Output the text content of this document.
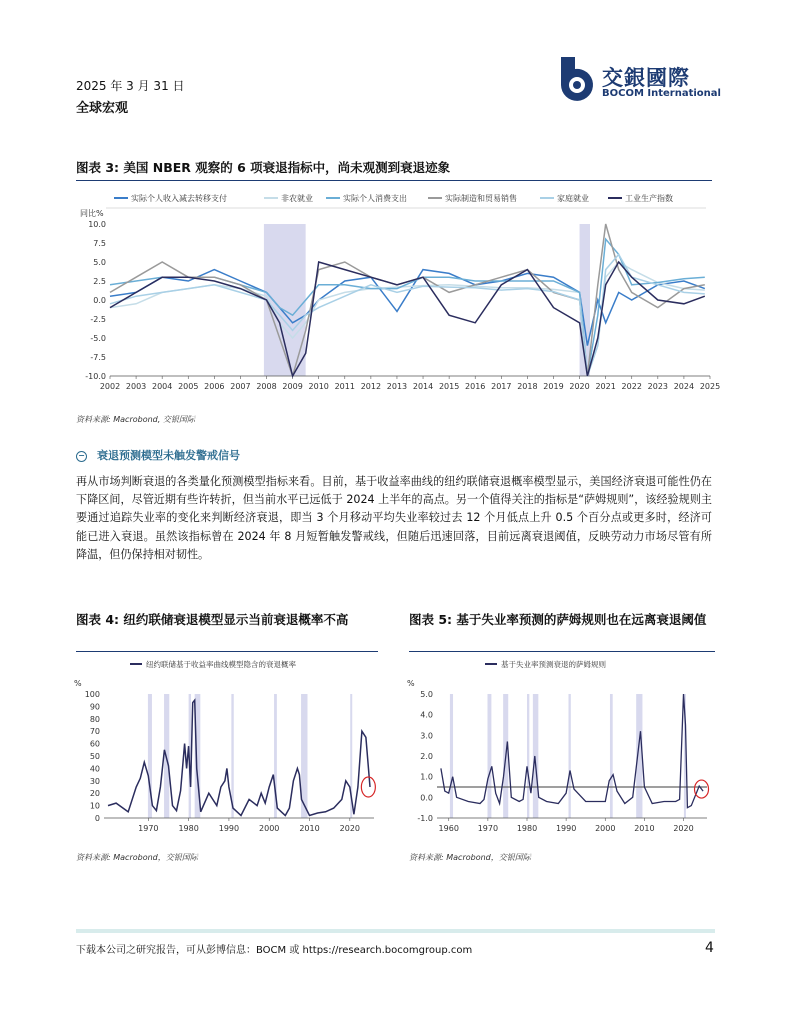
2025 年 3 月 31 日
全球宏观
交銀國際
BOCOM International
图表 3: 美国 NBER 观察的 6 项衰退指标中，尚未观测到衰退迹象
实际个人收入减去转移支付	非农就业	实际个人消费支出	实际制造和贸易销售	家庭就业	工业生产指数
10.0
7.5
5.0
2.5
0.0
-2.5
-5.0
-7.5
-10.0
2002 2003 2004 2005 2006 2007 2008 2009 2010 2011 2012 2013 2014 2015 2016 2017 2018 2019 2020 2021 2022 2023 2024 2025
同比%
资料来源: Macrobond, 交银国际
− 衰退预测模型未触发警戒信号
再从市场判断衰退的各类量化预测模型指标来看。目前，基于收益率曲线的纽约联储衰退概率模型显示，美国经济衰退可能性仍在下降区间，尽管近期有些许转折，但当前水平已远低于 2024 上半年的高点。另一个值得关注的指标是“萨姆规则”，该经验规则主要通过追踪失业率的变化来判断经济衰退，即当 3 个月移动平均失业率较过去 12 个月低点上升 0.5 个百分点或更多时，经济可能已进入衰退。虽然该指标曾在 2024 年 8 月短暂触发警戒线，但随后迅速回落，目前远离衰退阈值，反映劳动力市场尽管有所降温，但仍保持相对韧性。
图表 4: 纽约联储衰退模型显示当前衰退概率不高
纽约联储基于收益率曲线模型隐含的衰退概率
100
90
80
70
60
50
40
30
20
10
0
1970 1980 1990 2000 2010 2020
%
资料来源: Macrobond，交银国际
图表 5: 基于失业率预测的萨姆规则也在远离衰退阈值
基于失业率预测衰退的萨姆规则
5.0
4.0
3.0
2.0
1.0
0.0
-1.0
1960 1970 1980 1990 2000 2010 2020
%
资料来源: Macrobond，交银国际
下载本公司之研究报告，可从彭博信息：BOCM 或 https://research.bocomgroup.com	4
